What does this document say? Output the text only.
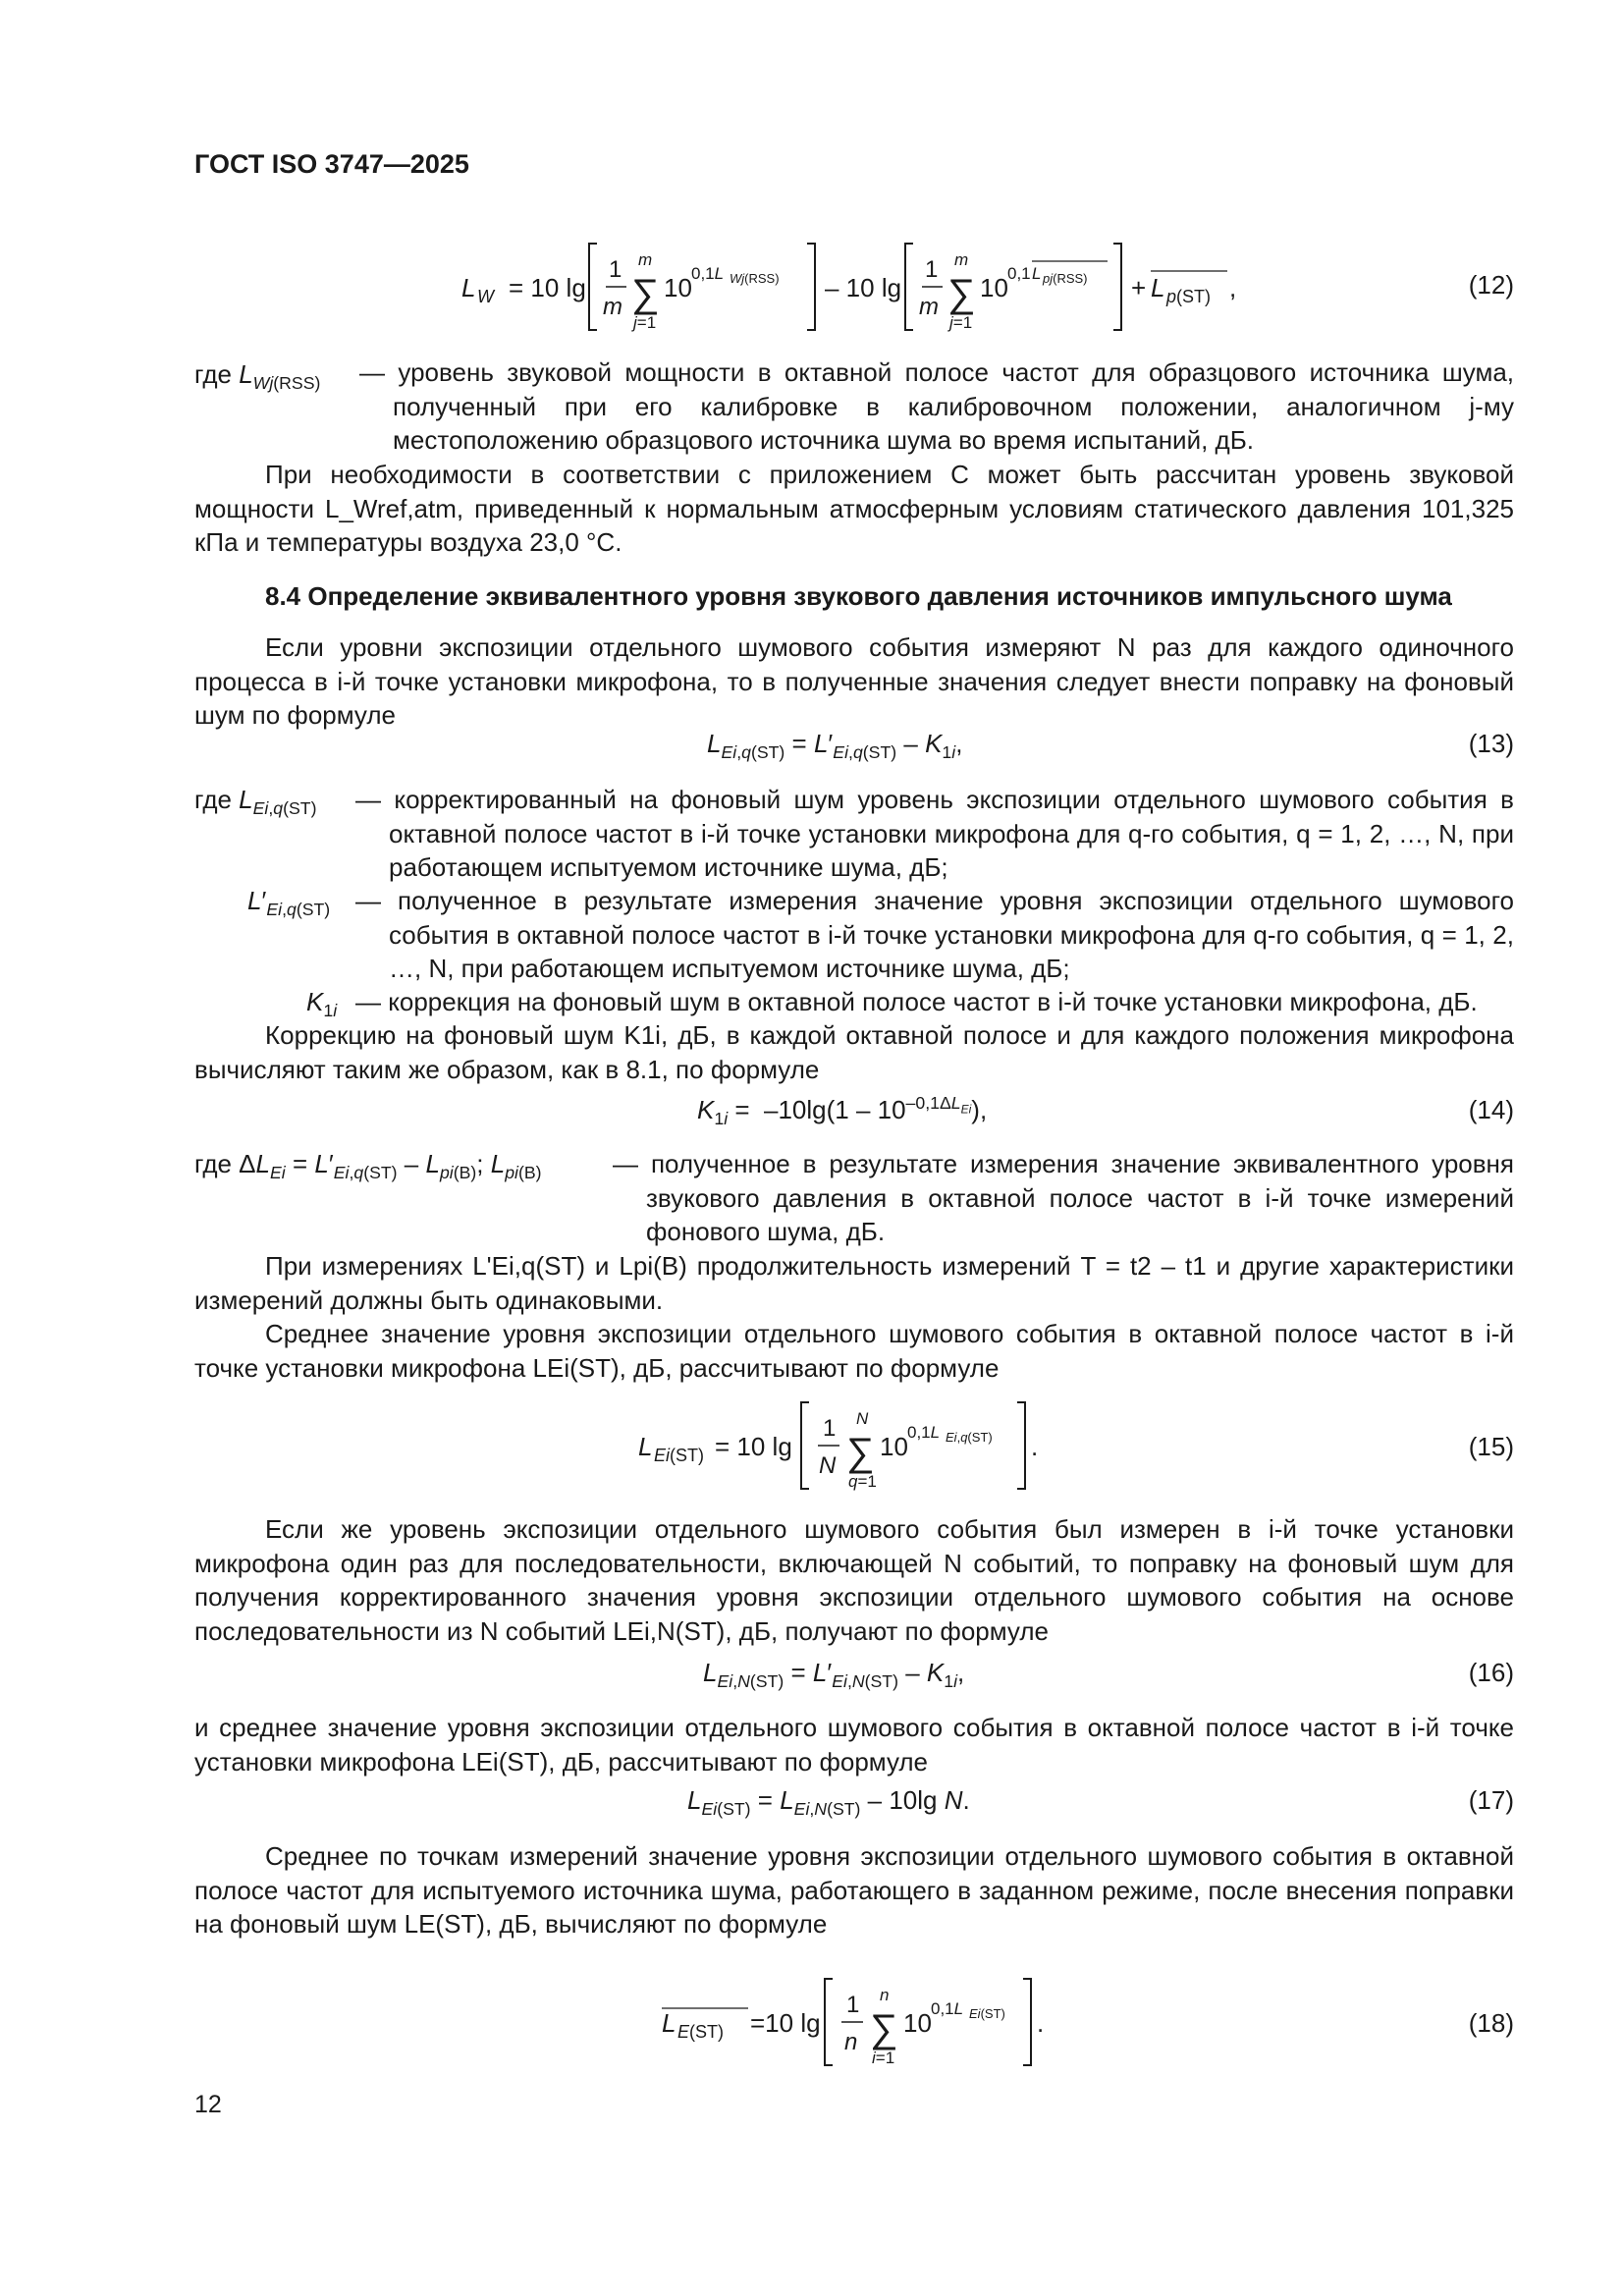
ГОСТ ISO 3747—2025
L W = 10 lg
1
m
m
∑
j=1
10 0,1L Wj(RSS) – 10 lg
1
m
m
∑
j=1
10 0,1 L pj(RSS) + L p(ST) ,	(12)
где $L_{Wj(RSS)}$ — уровень звуковой мощности в октавной полосе частот для образцового источника шума, полученный при его калибровке в калибровочном положении, аналогичном j-му местоположению образцового источника шума во время испытаний, дБ.
При необходимости в соответствии с приложением С может быть рассчитан уровень звуковой мощности L_Wref,atm, приведенный к нормальным атмосферным условиям статического давления 101,325 кПа и температуры воздуха 23,0 °С.
8.4 Определение эквивалентного уровня звукового давления источников импульсного шума
Если уровни экспозиции отдельного шумового события измеряют N раз для каждого одиночного процесса в i-й точке установки микрофона, то в полученные значения следует внести поправку на фоновый шум по формуле
$L_{Ei,q(ST)} = L'_{Ei,q(ST)} - K_{1i}$,	(13)
где $L_{Ei,q(ST)}$ — корректированный на фоновый шум уровень экспозиции отдельного шумового события в октавной полосе частот в i-й точке установки микрофона для q-го события, q = 1, 2, …, N, при работающем испытуемом источнике шума, дБ;
$L'_{Ei,q(ST)}$ — полученное в результате измерения значение уровня экспозиции отдельного шумового события в октавной полосе частот в i-й точке установки микрофона для q-го события, q = 1, 2, …, N, при работающем испытуемом источнике шума, дБ;
$K_{1i}$ — коррекция на фоновый шум в октавной полосе частот в i-й точке установки микрофона, дБ.
Коррекцию на фоновый шум K1i, дБ, в каждой октавной полосе и для каждого положения микрофона вычисляют таким же образом, как в 8.1, по формуле
$K_{1i} = -10\lg(1 - 10^{-0,1\Delta L_{Ei}})$,	(14)
где $\Delta L_{Ei} = L'_{Ei,q(ST)} - L_{pi(B)}$; $L_{pi(B)}$	— полученное в результате измерения значение эквивалентного уровня звукового давления в октавной полосе частот в i-й точке измерений фонового шума, дБ.
При измерениях L'Ei,q(ST) и Lpi(B) продолжительность измерений T = t2 – t1 и другие характеристики измерений должны быть одинаковыми.
Среднее значение уровня экспозиции отдельного шумового события в октавной полосе частот в i-й точке установки микрофона LEi(ST), дБ, рассчитывают по формуле
L Ei(ST) = 10 lg
1
N
N
∑
q=1
10 0,1L Ei,q(ST) .	(15)
Если же уровень экспозиции отдельного шумового события был измерен в i-й точке установки микрофона один раз для последовательности, включающей N событий, то поправку на фоновый шум для получения корректированного значения уровня экспозиции отдельного шумового события на основе последовательности из N событий LEi,N(ST), дБ, получают по формуле
$L_{Ei,N(ST)} = L'_{Ei,N(ST)} - K_{1i}$,	(16)
и среднее значение уровня экспозиции отдельного шумового события в октавной полосе частот в i-й точке установки микрофона LEi(ST), дБ, рассчитывают по формуле
$L_{Ei(ST)} = L_{Ei,N(ST)} - 10\lg$ N.	(17)
Среднее по точкам измерений значение уровня экспозиции отдельного шумового события в октавной полосе частот для испытуемого источника шума, работающего в заданном режиме, после внесения поправки на фоновый шум LE(ST), дБ, вычисляют по формуле
L E(ST) =10 lg
1
n
n
∑
i=1
10 0,1L Ei(ST) .	(18)
12
